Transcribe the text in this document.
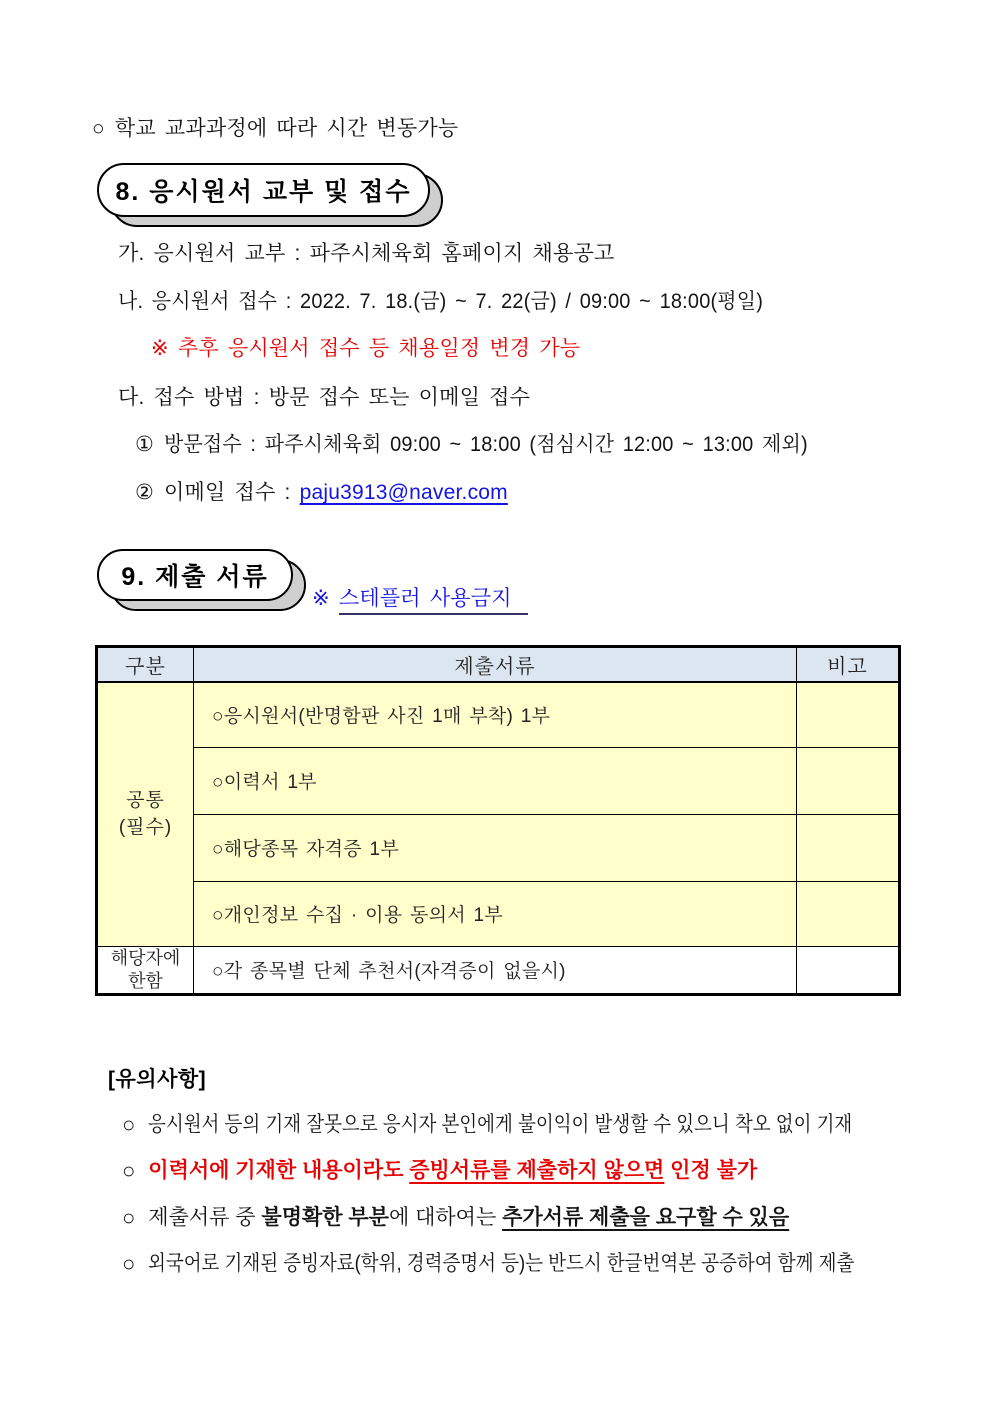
○ 학교 교과과정에 따라 시간 변동가능
8. 응시원서 교부 및 접수
가. 응시원서 교부 : 파주시체육회 홈페이지 채용공고
나. 응시원서 접수 : 2022. 7. 18.(금) ~ 7. 22(금) / 09:00 ~ 18:00(평일)
※ 추후 응시원서 접수 등 채용일정 변경 가능
다. 접수 방법 : 방문 접수 또는 이메일 접수
① 방문접수 : 파주시체육회 09:00 ~ 18:00 (점심시간 12:00 ~ 13:00 제외)
② 이메일 접수 : paju3913@naver.com
9. 제출 서류
※ 스테플러 사용금지
구분	제출서류	비고

공통
(필수)	○응시원서(반명함판 사진 1매 부착) 1부	
	○이력서 1부	
	○해당종목 자격증 1부	
	○개인정보 수집 · 이용 동의서 1부	

해당자에
한함	○각 종목별 단체 추천서(자격증이 없을시)	
[유의사항]
○ 응시원서 등의 기재 잘못으로 응시자 본인에게 불이익이 발생할 수 있으니 착오 없이 기재
○ 이력서에 기재한 내용이라도 증빙서류를 제출하지 않으면 인정 불가
○ 제출서류 중 불명확한 부분에 대하여는 추가서류 제출을 요구할 수 있음
○ 외국어로 기재된 증빙자료(학위, 경력증명서 등)는 반드시 한글번역본 공증하여 함께 제출
